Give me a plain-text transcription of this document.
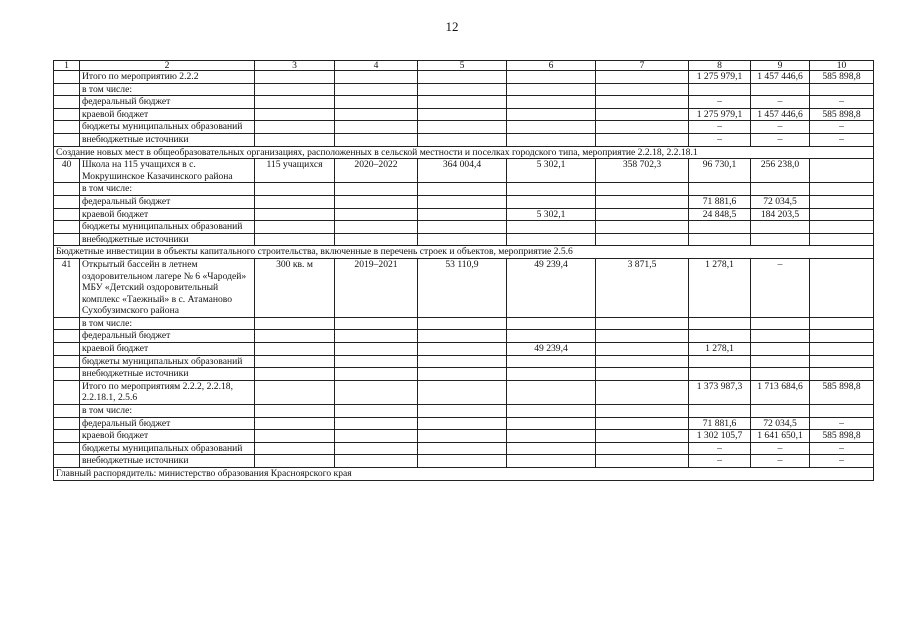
12
1	2	3	4	5	6	7	8	9	10
	Итого по мероприятию 2.2.2						1 275 979,1	1 457 446,6	585 898,8
	в том числе:								
	федеральный бюджет						–	–	–
	краевой бюджет						1 275 979,1	1 457 446,6	585 898,8
	бюджеты муниципальных образований						–	–	–
	внебюджетные источники						–	–	–
Создание новых мест в общеобразовательных организациях, расположенных в сельской местности и поселках городского типа, мероприятие 2.2.18, 2.2.18.1									
40	Школа на 115 учащихся в с. Мокрушинское Казачинского района	115 учащихся	2020–2022	364 004,4	5 302,1	358 702,3	96 730,1	256 238,0	
	в том числе:								
	федеральный бюджет						71 881,6	72 034,5	
	краевой бюджет				5 302,1		24 848,5	184 203,5	
	бюджеты муниципальных образований								
	внебюджетные источники								
Бюджетные инвестиции в объекты капитального строительства, включенные в перечень строек и объектов, мероприятие 2.5.6									
41	Открытый бассейн в летнем оздоровительном лагере № 6 «Чародей» МБУ «Детский оздоровительный комплекс «Таежный» в с. Атаманово Сухобузимского района	300 кв. м	2019–2021	53 110,9	49 239,4	3 871,5	1 278,1	–	
	в том числе:								
	федеральный бюджет								
	краевой бюджет				49 239,4		1 278,1		
	бюджеты муниципальных образований								
	внебюджетные источники								
	Итого по мероприятиям 2.2.2, 2.2.18, 2.2.18.1, 2.5.6						1 373 987,3	1 713 684,6	585 898,8
	в том числе:								
	федеральный бюджет						71 881,6	72 034,5	–
	краевой бюджет						1 302 105,7	1 641 650,1	585 898,8
	бюджеты муниципальных образований						–	–	–
	внебюджетные источники						–	–	–
Главный распорядитель: министерство образования Красноярского края									
